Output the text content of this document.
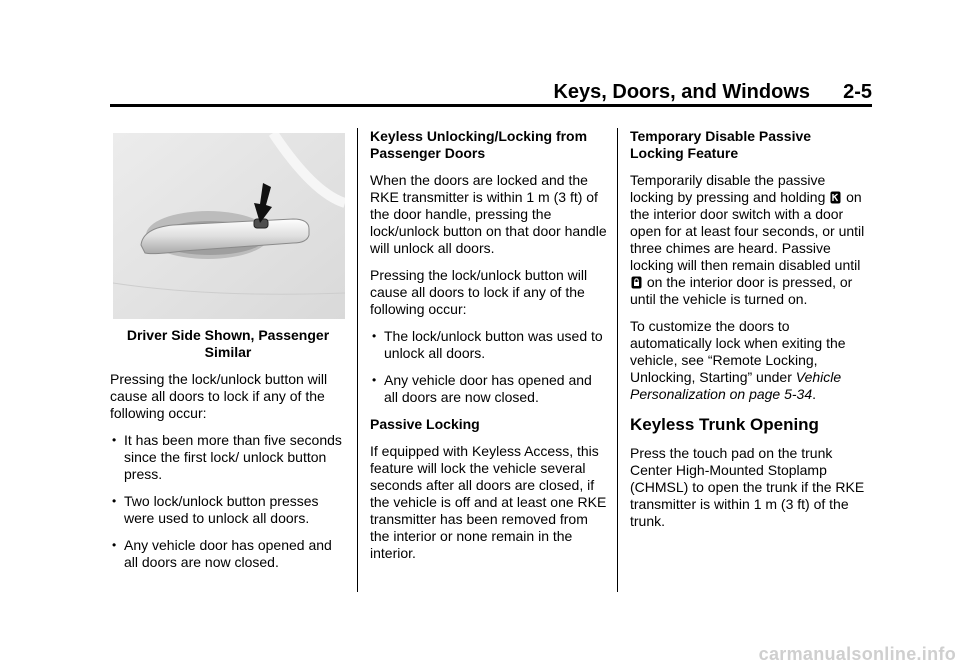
Keys, Doors, and Windows	2-5
Driver Side Shown, Passenger
Similar

Pressing the lock/unlock button will cause all doors to lock if any of the following occur:

• It has been more than five seconds since the first lock/ unlock button press.
• Two lock/unlock button presses were used to unlock all doors.
• Any vehicle door has opened and all doors are now closed.

Keyless Unlocking/Locking from Passenger Doors

When the doors are locked and the RKE transmitter is within 1 m (3 ft) of the door handle, pressing the lock/unlock button on that door handle will unlock all doors.

Pressing the lock/unlock button will cause all doors to lock if any of the following occur:

• The lock/unlock button was used to unlock all doors.
• Any vehicle door has opened and all doors are now closed.

Passive Locking

If equipped with Keyless Access, this feature will lock the vehicle several seconds after all doors are closed, if the vehicle is off and at least one RKE transmitter has been removed from the interior or none remain in the interior.

Temporary Disable Passive Locking Feature

Temporarily disable the passive locking by pressing and holding on the interior door switch with a door open for at least four seconds, or until three chimes are heard. Passive locking will then remain disabled until  on the interior door is pressed, or until the vehicle is turned on.

To customize the doors to automatically lock when exiting the vehicle, see “Remote Locking, Unlocking, Starting” under Vehicle Personalization on page 5-34.

Keyless Trunk Opening

Press the touch pad on the trunk Center High-Mounted Stoplamp (CHMSL) to open the trunk if the RKE transmitter is within 1 m (3 ft) of the trunk.

carmanualsonline.info
